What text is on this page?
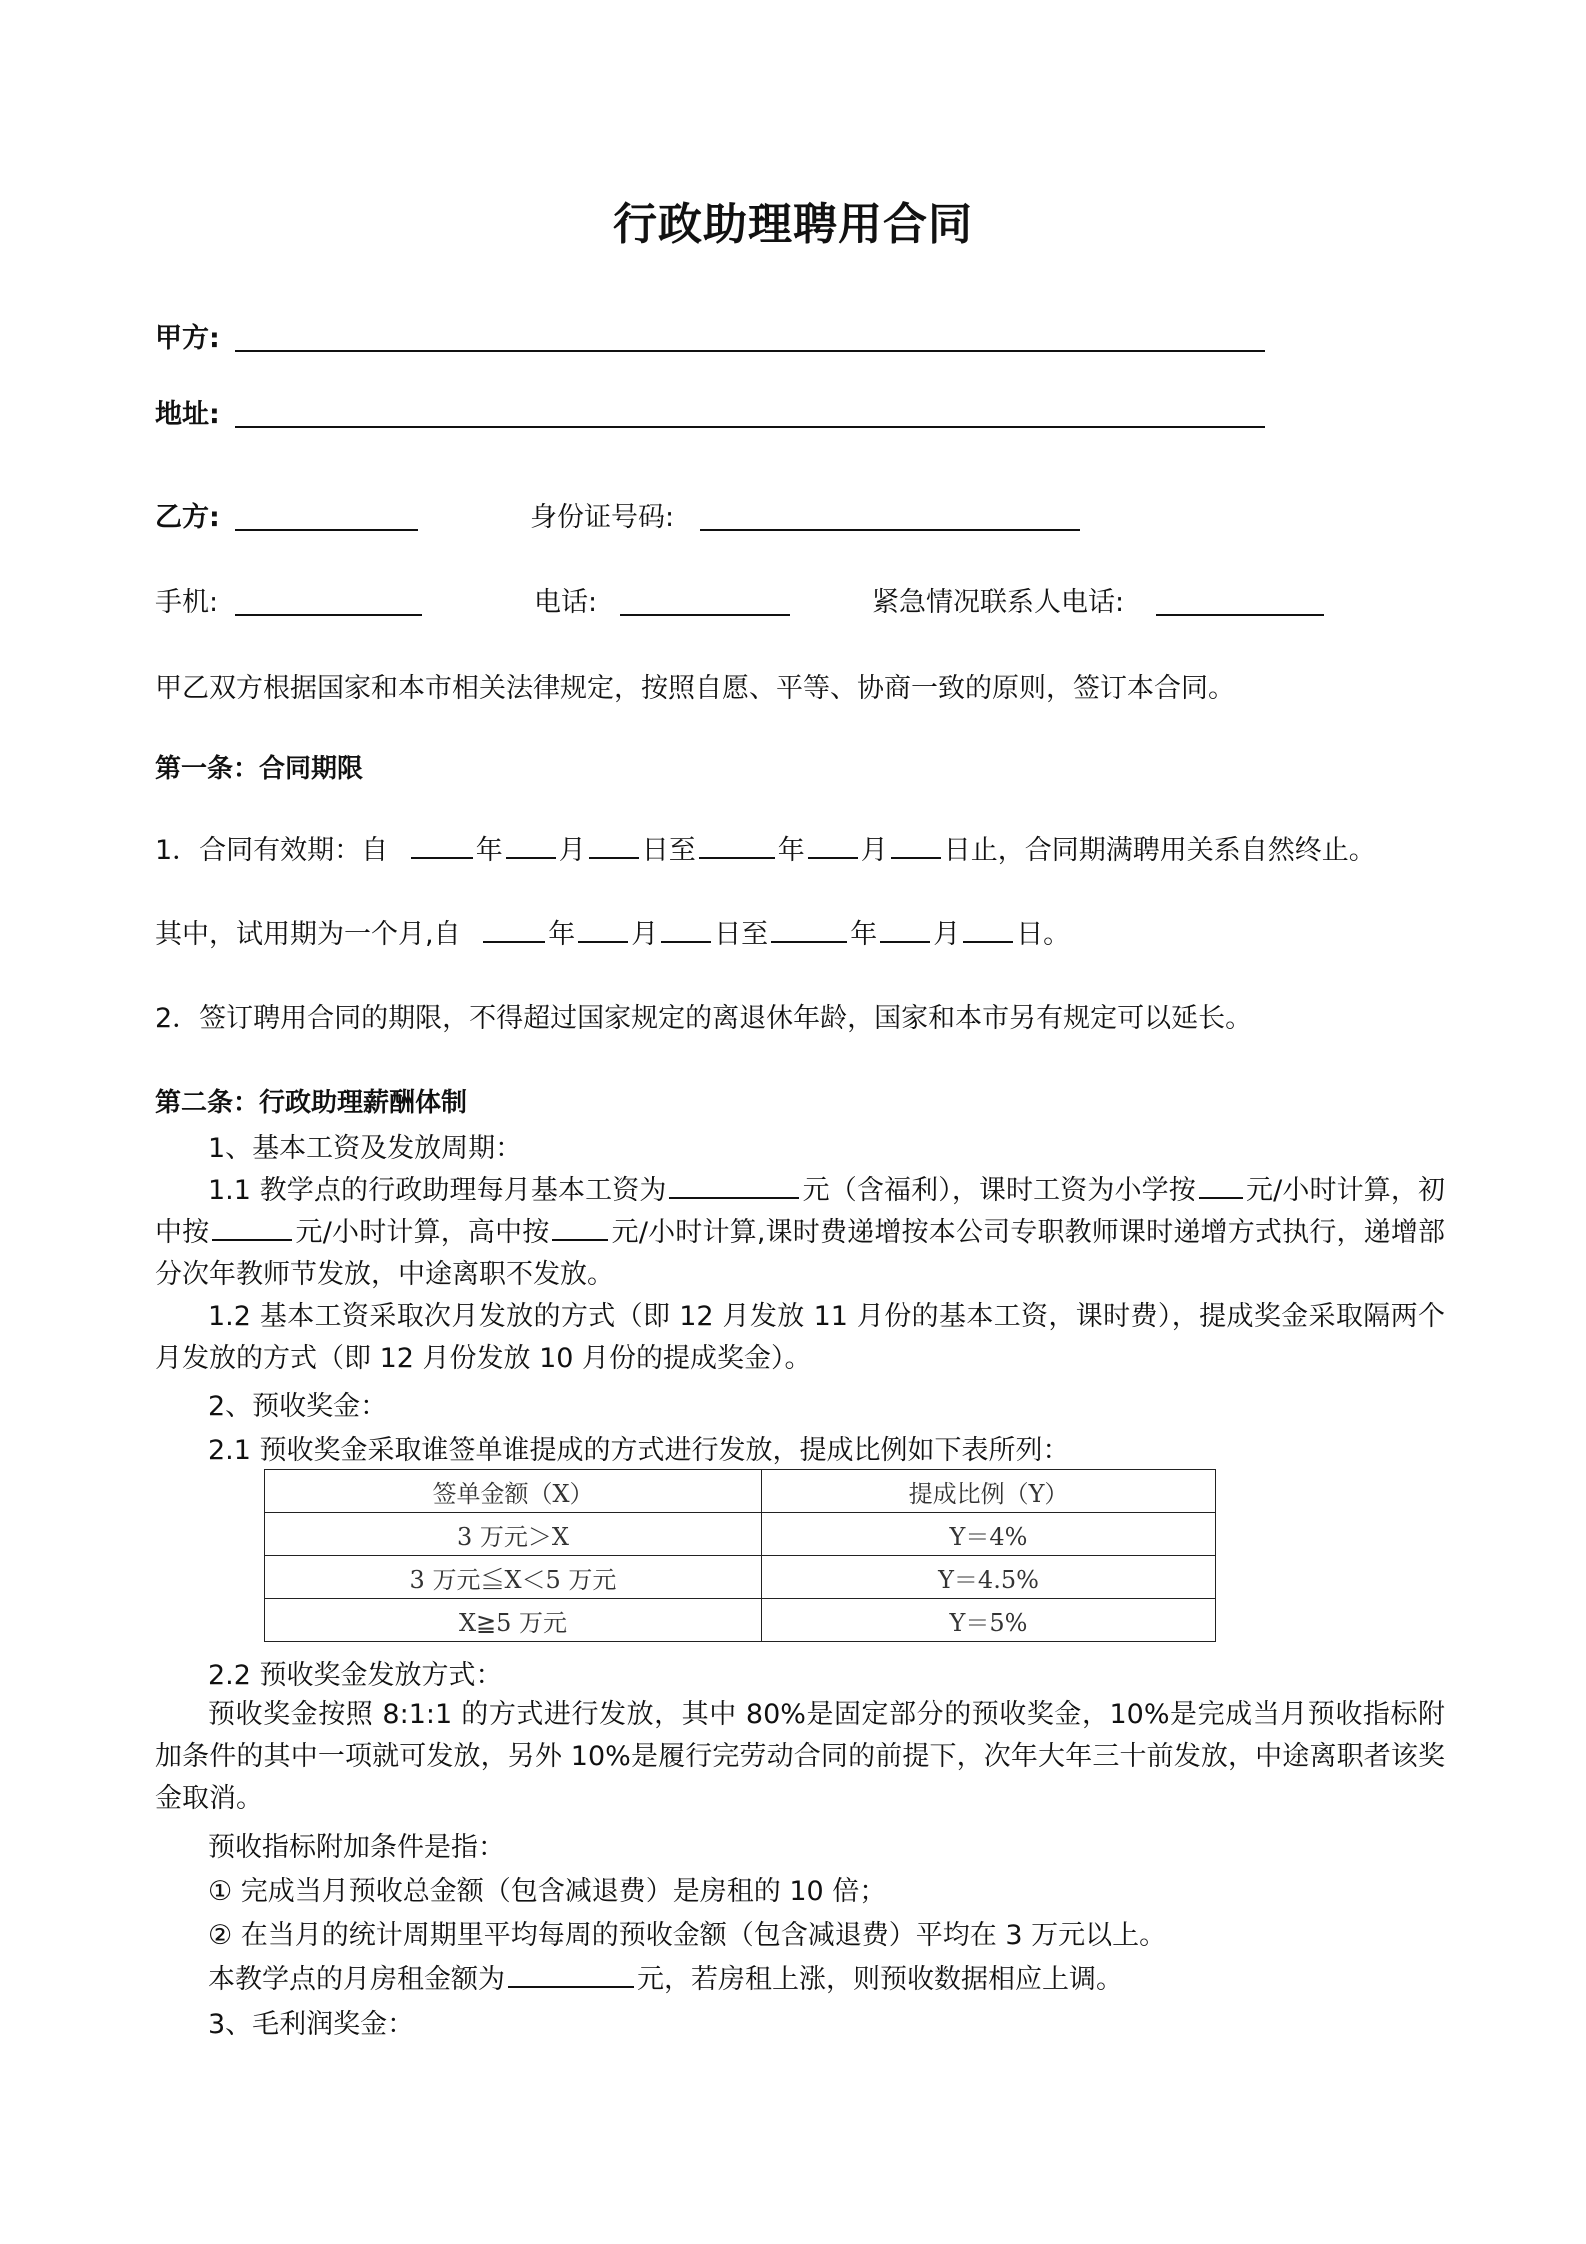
行政助理聘用合同
甲方:
地址:
乙方:	身份证号码:
手机:	电话:	紧急情况联系人电话:
甲乙双方根据国家和本市相关法律规定，按照自愿、平等、协商一致的原则，签订本合同。
第一条：合同期限
1．合同有效期：自	年 月 日至	年 月 日止，合同期满聘用关系自然终止。
其中，试用期为一个月,自	年 月 日至	年 月 日。
2．签订聘用合同的期限，不得超过国家规定的离退休年龄，国家和本市另有规定可以延长。
第二条：行政助理薪酬体制
1、基本工资及发放周期：
1.1 教学点的行政助理每月基本工资为	元（含福利），课时工资为小学按 元/小时计算，初中按	元/小时计算，高中按 元/小时计算,课时费递增按本公司专职教师课时递增方式执行，递增部分次年教师节发放，中途离职不发放。
1.2 基本工资采取次月发放的方式（即 12 月发放 11 月份的基本工资，课时费），提成奖金采取隔两个月发放的方式（即 12 月份发放 10 月份的提成奖金）。
2、预收奖金：
2.1 预收奖金采取谁签单谁提成的方式进行发放，提成比例如下表所列：
签单金额（X）	提成比例（Y）
3 万元＞X	Y＝4%
3 万元≦X＜5 万元	Y＝4.5%
X≧5 万元	Y＝5%
2.2 预收奖金发放方式：
预收奖金按照 8:1:1 的方式进行发放，其中 80%是固定部分的预收奖金，10%是完成当月预收指标附加条件的其中一项就可发放，另外 10%是履行完劳动合同的前提下，次年大年三十前发放，中途离职者该奖金取消。
预收指标附加条件是指：
① 完成当月预收总金额（包含减退费）是房租的 10 倍；
② 在当月的统计周期里平均每周的预收金额（包含减退费）平均在 3 万元以上。
本教学点的月房租金额为	元，若房租上涨，则预收数据相应上调。
3、毛利润奖金：
